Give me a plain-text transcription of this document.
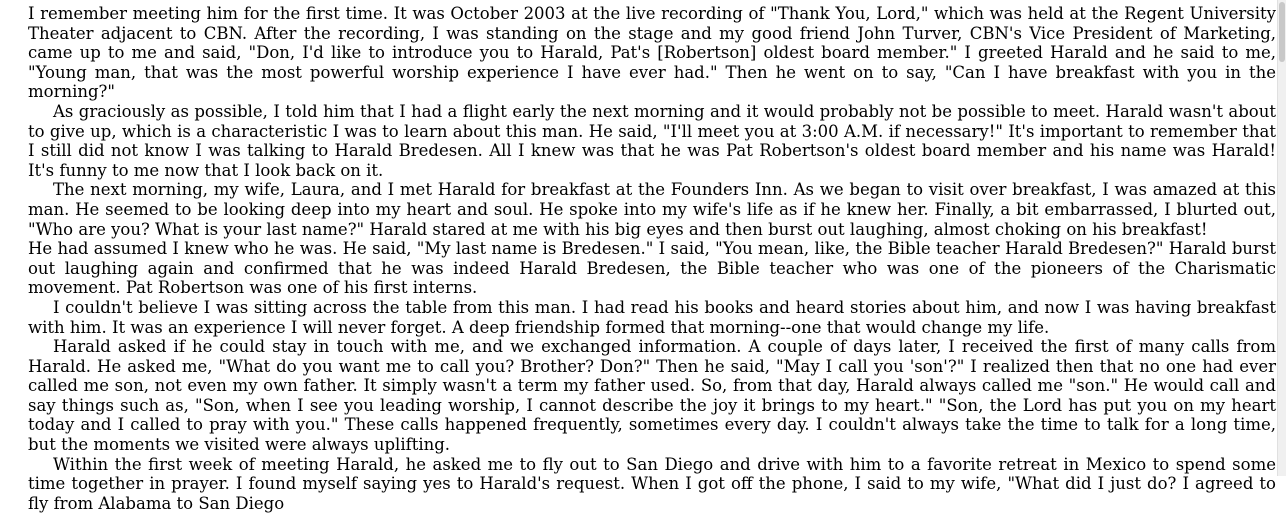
I remember meeting him for the first time. It was October 2003 at the live recording of "Thank You, Lord," which was held at the Regent University Theater adjacent to CBN. After the recording, I was standing on the stage and my good friend John Turver, CBN's Vice President of Marketing, came up to me and said, "Don, I'd like to introduce you to Harald, Pat's [Robertson] oldest board member." I greeted Harald and he said to me, "Young man, that was the most powerful worship experience I have ever had." Then he went on to say, "Can I have breakfast with you in the morning?"

As graciously as possible, I told him that I had a flight early the next morning and it would probably not be possible to meet. Harald wasn't about to give up, which is a characteristic I was to learn about this man. He said, "I'll meet you at 3:00 A.M. if necessary!" It's important to remember that I still did not know I was talking to Harald Bredesen. All I knew was that he was Pat Robertson's oldest board member and his name was Harald! It's funny to me now that I look back on it.

The next morning, my wife, Laura, and I met Harald for breakfast at the Founders Inn. As we began to visit over breakfast, I was amazed at this man. He seemed to be looking deep into my heart and soul. He spoke into my wife's life as if he knew her. Finally, a bit embarrassed, I blurted out, "Who are you? What is your last name?" Harald stared at me with his big eyes and then burst out laughing, almost choking on his breakfast!

He had assumed I knew who he was. He said, "My last name is Bredesen." I said, "You mean, like, the Bible teacher Harald Bredesen?" Harald burst out laughing again and confirmed that he was indeed Harald Bredesen, the Bible teacher who was one of the pioneers of the Charismatic movement. Pat Robertson was one of his first interns.

I couldn't believe I was sitting across the table from this man. I had read his books and heard stories about him, and now I was having breakfast with him. It was an experience I will never forget. A deep friendship formed that morning--one that would change my life.

Harald asked if he could stay in touch with me, and we exchanged information. A couple of days later, I received the first of many calls from Harald. He asked me, "What do you want me to call you? Brother? Don?" Then he said, "May I call you 'son'?" I realized then that no one had ever called me son, not even my own father. It simply wasn't a term my father used. So, from that day, Harald always called me "son." He would call and say things such as, "Son, when I see you leading worship, I cannot describe the joy it brings to my heart." "Son, the Lord has put you on my heart today and I called to pray with you." These calls happened frequently, sometimes every day. I couldn't always take the time to talk for a long time, but the moments we visited were always uplifting.

Within the first week of meeting Harald, he asked me to fly out to San Diego and drive with him to a favorite retreat in Mexico to spend some time together in prayer. I found myself saying yes to Harald's request. When I got off the phone, I said to my wife, "What did I just do? I agreed to fly from Alabama to San Diego
